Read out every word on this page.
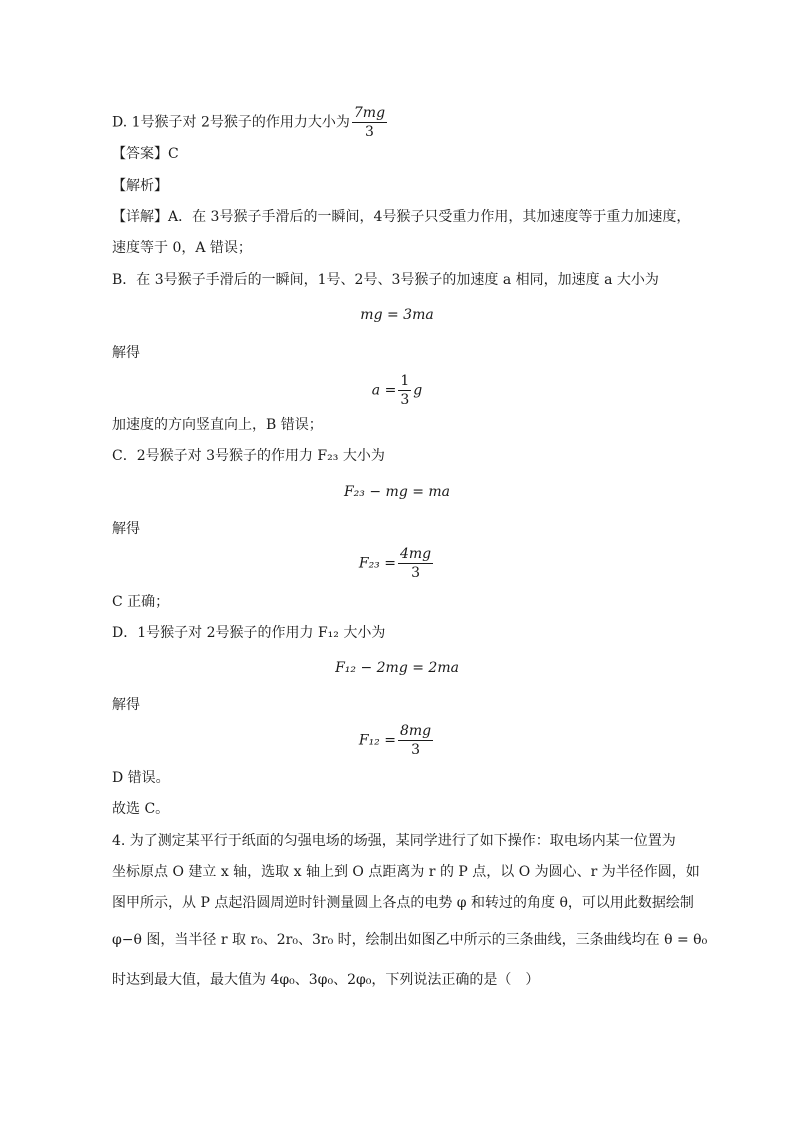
D. 1号猴子对 2号猴子的作用力大小为 $\frac{7mg}{3}$
【答案】C
【解析】
【详解】A．在 3号猴子手滑后的一瞬间，4号猴子只受重力作用，其加速度等于重力加速度，
速度等于 0，A 错误；
B．在 3号猴子手滑后的一瞬间，1号、2号、3号猴子的加速度 a 相同，加速度 a 大小为
mg = 3ma
解得
$a = \frac{1}{3}$ g
加速度的方向竖直向上，B 错误；
C．2号猴子对 3号猴子的作用力 F₂₃ 大小为
F₂₃ − mg = ma
解得
$F_{23} = \frac{4mg}{3}$
C 正确；
D．1号猴子对 2号猴子的作用力 F₁₂ 大小为
F₁₂ − 2mg = 2ma
解得
$F_{12} = \frac{8mg}{3}$
D 错误。
故选 C。
4. 为了测定某平行于纸面的匀强电场的场强，某同学进行了如下操作：取电场内某一位置为
坐标原点 O 建立 x 轴，选取 x 轴上到 O 点距离为 r 的 P 点，以 O 为圆心、r 为半径作圆，如
图甲所示，从 P 点起沿圆周逆时针测量圆上各点的电势 φ 和转过的角度 θ，可以用此数据绘制
φ−θ 图，当半径 r 取 r₀、2r₀、3r₀ 时，绘制出如图乙中所示的三条曲线，三条曲线均在 θ = θ₀
时达到最大值，最大值为 4φ₀、3φ₀、2φ₀，下列说法正确的是（　）
